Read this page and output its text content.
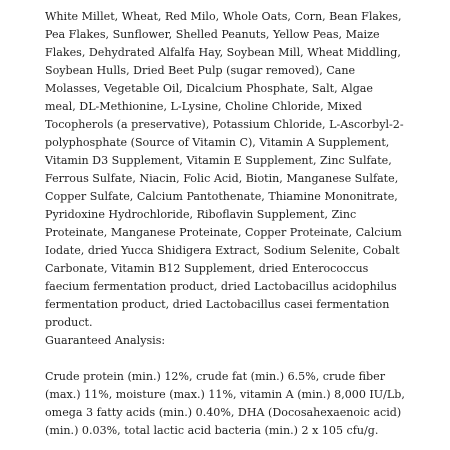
White Millet, Wheat, Red Milo, Whole Oats, Corn, Bean Flakes, Pea Flakes, Sunflower, Shelled Peanuts, Yellow Peas, Maize Flakes, Dehydrated Alfalfa Hay, Soybean Mill, Wheat Middling, Soybean Hulls, Dried Beet Pulp (sugar removed), Cane Molasses, Vegetable Oil, Dicalcium Phosphate, Salt, Algae meal, DL-Methionine, L-Lysine, Choline Chloride, Mixed Tocopherols (a preservative), Potassium Chloride, L-Ascorbyl-2-polyphosphate (Source of Vitamin C), Vitamin A Supplement, Vitamin D3 Supplement, Vitamin E Supplement, Zinc Sulfate, Ferrous Sulfate, Niacin, Folic Acid, Biotin, Manganese Sulfate, Copper Sulfate, Calcium Pantothenate, Thiamine Mononitrate, Pyridoxine Hydrochloride, Riboflavin Supplement, Zinc Proteinate, Manganese Proteinate, Copper Proteinate, Calcium Iodate, dried Yucca Shidigera Extract, Sodium Selenite, Cobalt Carbonate, Vitamin B12 Supplement, dried Enterococcus faecium fermentation product, dried Lactobacillus acidophilus fermentation product, dried Lactobacillus casei fermentation product.

Guaranteed Analysis:

Crude protein (min.) 12%, crude fat (min.) 6.5%, crude fiber (max.) 11%, moisture (max.) 11%, vitamin A (min.) 8,000 IU/Lb, omega 3 fatty acids (min.) 0.40%, DHA (Docosahexaenoic acid) (min.) 0.03%, total lactic acid bacteria (min.) 2 x 105 cfu/g.
